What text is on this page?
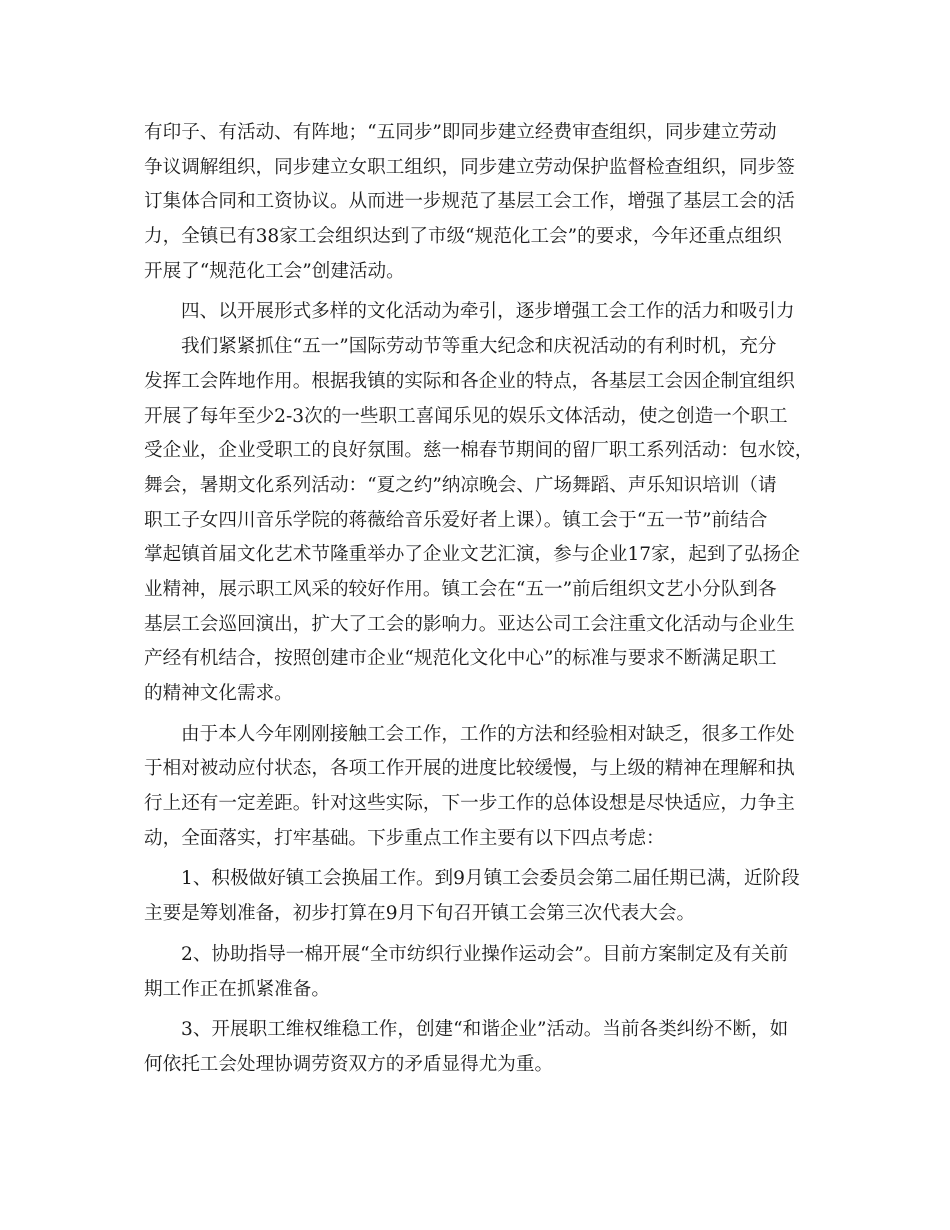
有印子、有活动、有阵地；“五同步”即同步建立经费审查组织，同步建立劳动
争议调解组织，同步建立女职工组织，同步建立劳动保护监督检查组织，同步签
订集体合同和工资协议。从而进一步规范了基层工会工作，增强了基层工会的活
力，全镇已有38家工会组织达到了市级“规范化工会”的要求，今年还重点组织
开展了“规范化工会”创建活动。
四、以开展形式多样的文化活动为牵引，逐步增强工会工作的活力和吸引力
我们紧紧抓住“五一”国际劳动节等重大纪念和庆祝活动的有利时机，充分
发挥工会阵地作用。根据我镇的实际和各企业的特点，各基层工会因企制宜组织
开展了每年至少2-3次的一些职工喜闻乐见的娱乐文体活动，使之创造一个职工
受企业，企业受职工的良好氛围。慈一棉春节期间的留厂职工系列活动：包水饺，
舞会，暑期文化系列活动：“夏之约”纳凉晚会、广场舞蹈、声乐知识培训（请
职工子女四川音乐学院的蒋薇给音乐爱好者上课）。镇工会于“五一节”前结合
掌起镇首届文化艺术节隆重举办了企业文艺汇演，参与企业17家，起到了弘扬企
业精神，展示职工风采的较好作用。镇工会在“五一”前后组织文艺小分队到各
基层工会巡回演出，扩大了工会的影响力。亚达公司工会注重文化活动与企业生
产经有机结合，按照创建市企业“规范化文化中心”的标准与要求不断满足职工
的精神文化需求。
由于本人今年刚刚接触工会工作，工作的方法和经验相对缺乏，很多工作处
于相对被动应付状态，各项工作开展的进度比较缓慢，与上级的精神在理解和执
行上还有一定差距。针对这些实际，下一步工作的总体设想是尽快适应，力争主
动，全面落实，打牢基础。下步重点工作主要有以下四点考虑：
1、积极做好镇工会换届工作。到9月镇工会委员会第二届任期已满，近阶段
主要是筹划准备，初步打算在9月下旬召开镇工会第三次代表大会。
2、协助指导一棉开展“全市纺织行业操作运动会”。目前方案制定及有关前
期工作正在抓紧准备。
3、开展职工维权维稳工作，创建“和谐企业”活动。当前各类纠纷不断，如
何依托工会处理协调劳资双方的矛盾显得尤为重。
